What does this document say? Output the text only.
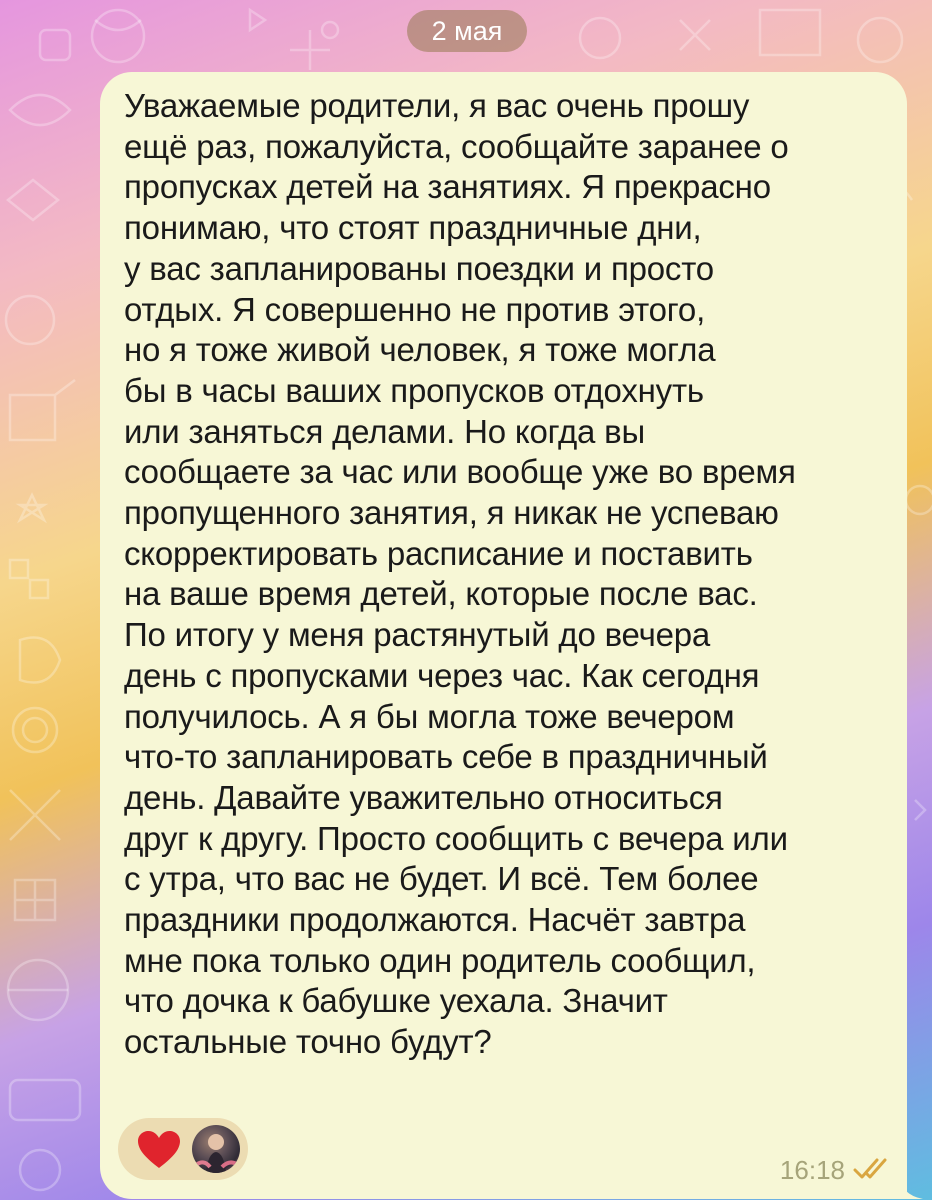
2 мая
Уважаемые родители, я вас очень прошу
ещё раз, пожалуйста, сообщайте заранее о
пропусках детей на занятиях. Я прекрасно
понимаю, что стоят праздничные дни,
у вас запланированы поездки и просто
отдых. Я совершенно не против этого,
но я тоже живой человек, я тоже могла
бы в часы ваших пропусков отдохнуть
или заняться делами. Но когда вы
сообщаете за час или вообще уже во время
пропущенного занятия, я никак не успеваю
скорректировать расписание и поставить
на ваше время детей, которые после вас.
По итогу у меня растянутый до вечера
день с пропусками через час. Как сегодня
получилось. А я бы могла тоже вечером
что-то запланировать себе в праздничный
день. Давайте уважительно относиться
друг к другу. Просто сообщить с вечера или
с утра, что вас не будет. И всё. Тем более
праздники продолжаются. Насчёт завтра
мне пока только один родитель сообщил,
что дочка к бабушке уехала. Значит
остальные точно будут?
16:18
